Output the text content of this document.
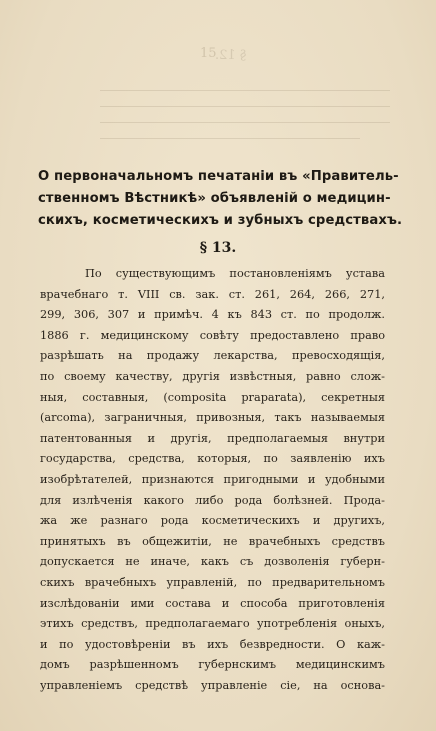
15
§ 12.
О первоначальномъ печатаніи въ «Правитель-
ственномъ Вѣстникѣ» объявленій о медицин-
скихъ, косметическихъ и зубныхъ средствахъ.
§ 13.
По существующимъ постановленіямъ устава
врачебнаго т. VIII св. зак. ст. 261, 264, 266, 271,
299, 306, 307 и примѣч. 4 къ 843 ст. по продолж.
1886 г. медицинскому совѣту предоставлено право
разрѣшать на продажу лекарства, превосходящія,
по своему качеству, другія извѣстныя, равно слож-
ныя, составныя, (composita praparata), секретныя
(arcoma), заграничныя, привозныя, такъ называемыя
патентованныя и другія, предполагаемыя внутри
государства, средства, которыя, по заявленію ихъ
изобрѣтателей, признаются пригодными и удобными
для излѣченія какого либо рода болѣзней. Прода-
жа же разнаго рода косметическихъ и другихъ,
принятыхъ въ общежитіи, не врачебныхъ средствъ
допускается не иначе, какъ съ дозволенія губерн-
скихъ врачебныхъ управленій, по предварительномъ
изслѣдованіи ими состава и способа приготовленія
этихъ средствъ, предполагаемаго употребленія оныхъ,
и по удостовѣреніи въ ихъ безвредности. О каж-
домъ разрѣшенномъ губернскимъ медицинскимъ
управленіемъ средствѣ управленіе сіе, на основа-
